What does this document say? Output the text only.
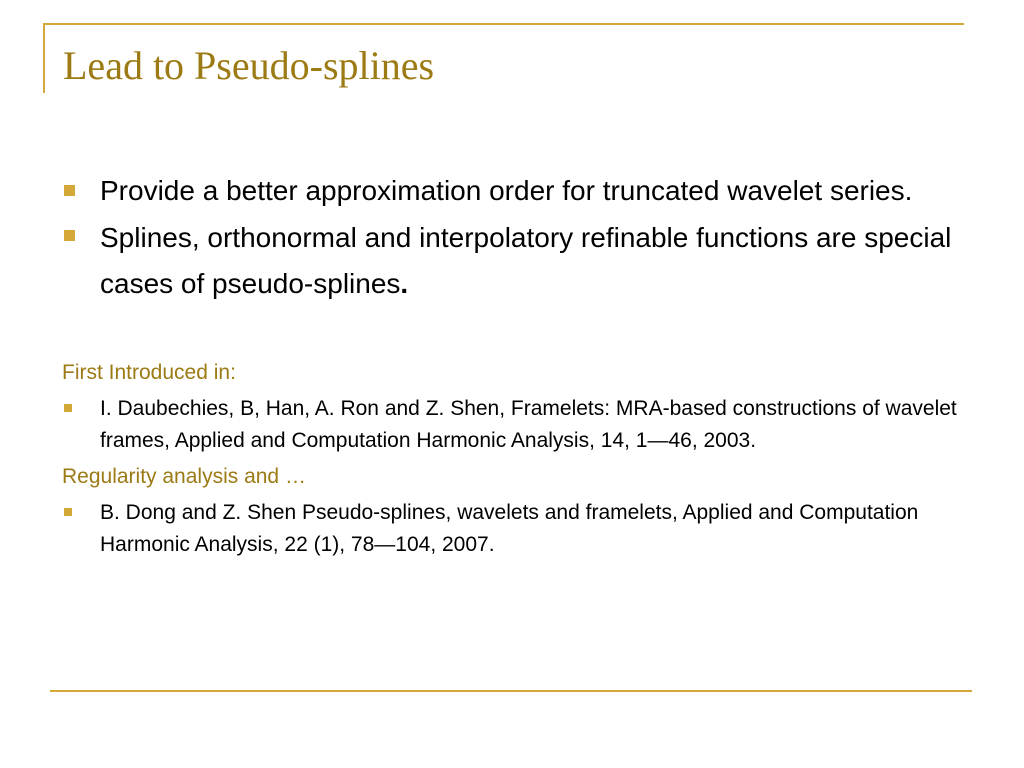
Lead to Pseudo-splines
Provide a better approximation order for truncated wavelet series.
Splines, orthonormal and interpolatory refinable functions are special cases of pseudo-splines.
First Introduced in:
I. Daubechies, B, Han, A. Ron and Z. Shen, Framelets: MRA-based constructions of wavelet frames, Applied and Computation Harmonic Analysis, 14, 1—46, 2003.
Regularity analysis and …
B. Dong and Z. Shen Pseudo-splines, wavelets and framelets, Applied and Computation Harmonic Analysis, 22 (1), 78—104, 2007.
